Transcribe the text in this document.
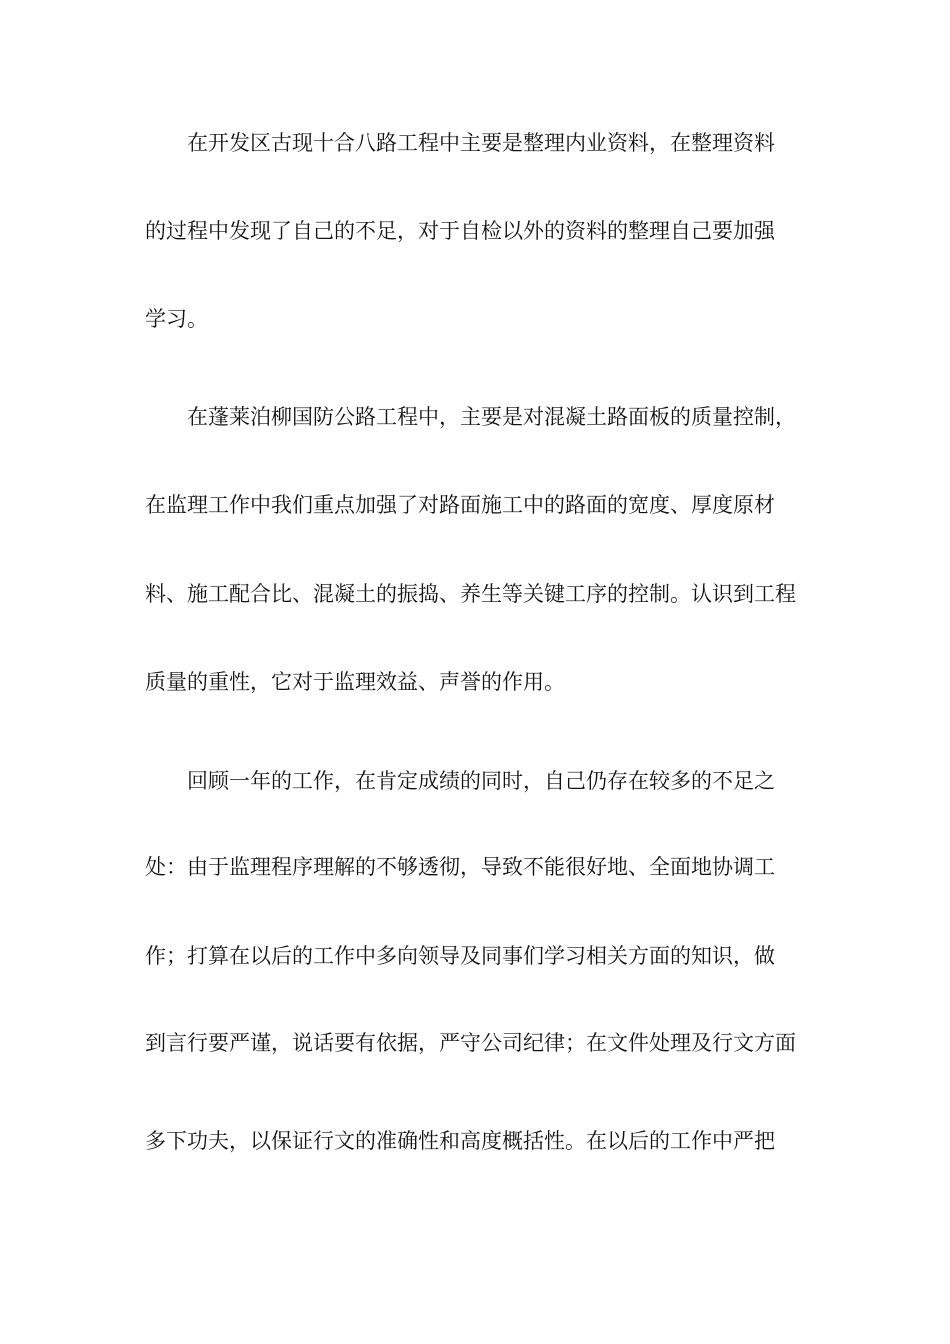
在开发区古现十合八路工程中主要是整理内业资料，在整理资料
的过程中发现了自己的不足，对于自检以外的资料的整理自己要加强
学习。
在蓬莱泊柳国防公路工程中，主要是对混凝土路面板的质量控制，
在监理工作中我们重点加强了对路面施工中的路面的宽度、厚度原材
料、施工配合比、混凝土的振捣、养生等关键工序的控制。认识到工程
质量的重性，它对于监理效益、声誉的作用。
回顾一年的工作，在肯定成绩的同时，自己仍存在较多的不足之
处：由于监理程序理解的不够透彻，导致不能很好地、全面地协调工
作；打算在以后的工作中多向领导及同事们学习相关方面的知识，做
到言行要严谨，说话要有依据，严守公司纪律；在文件处理及行文方面
多下功夫，以保证行文的准确性和高度概括性。在以后的工作中严把
